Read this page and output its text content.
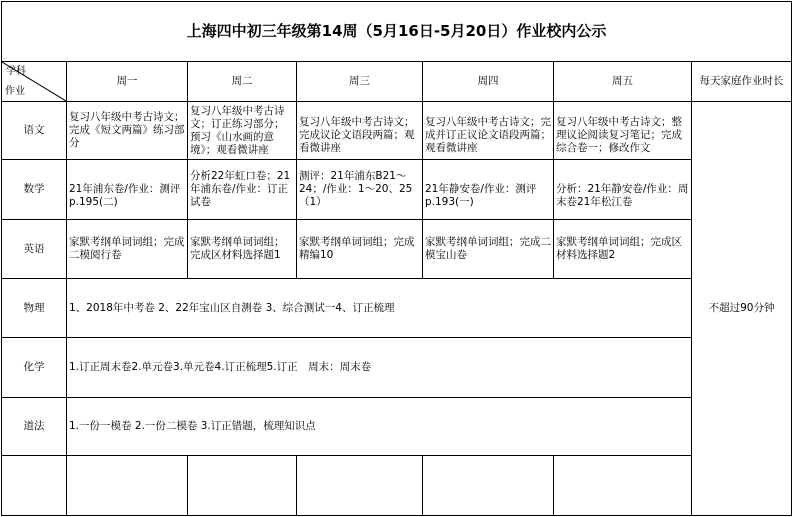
上海四中初三年级第14周（5月16日-5月20日）作业校内公示						

学科
作业	周一	周二	周三	周四	周五	每天家庭作业时长
语文	复习八年级中考古诗文；完成《短文两篇》练习部分	复习八年级中考古诗文；订正练习部分；预习《山水画的意境》；观看微讲座	复习八年级中考古诗文；完成议论文语段两篇；观看微讲座	复习八年级中考古诗文；完成并订正议论文语段两篇；观看微讲座	复习八年级中考古诗文；整理议论阅读复习笔记；完成综合卷一；修改作文	不超过90分钟
数学	21年浦东卷/作业：测评p.195(二)	分析22年虹口卷；21年浦东卷/作业：订正试卷	测评：21年浦东B21～24；/作业：1～20、25（1）	21年静安卷/作业：测评p.193(一)	分析：21年静安卷/作业：周末卷21年松江卷	
英语	家默考纲单词词组；完成二模阅行卷	家默考纲单词词组；完成区材料选择题1	家默考纲单词词组；完成精编10	家默考纲单词词组；完成二模宝山卷	家默考纲单词词组；完成区材料选择题2	
物理	1、2018年中考卷 2、22年宝山区自测卷 3、综合测试一4、订正梳理					
化学	1.订正周末卷2.单元卷3.单元卷4.订正梳理5.订正　周末：周末卷					
道法	1.一份一模卷 2.一份二模卷 3.订正错题，梳理知识点					
